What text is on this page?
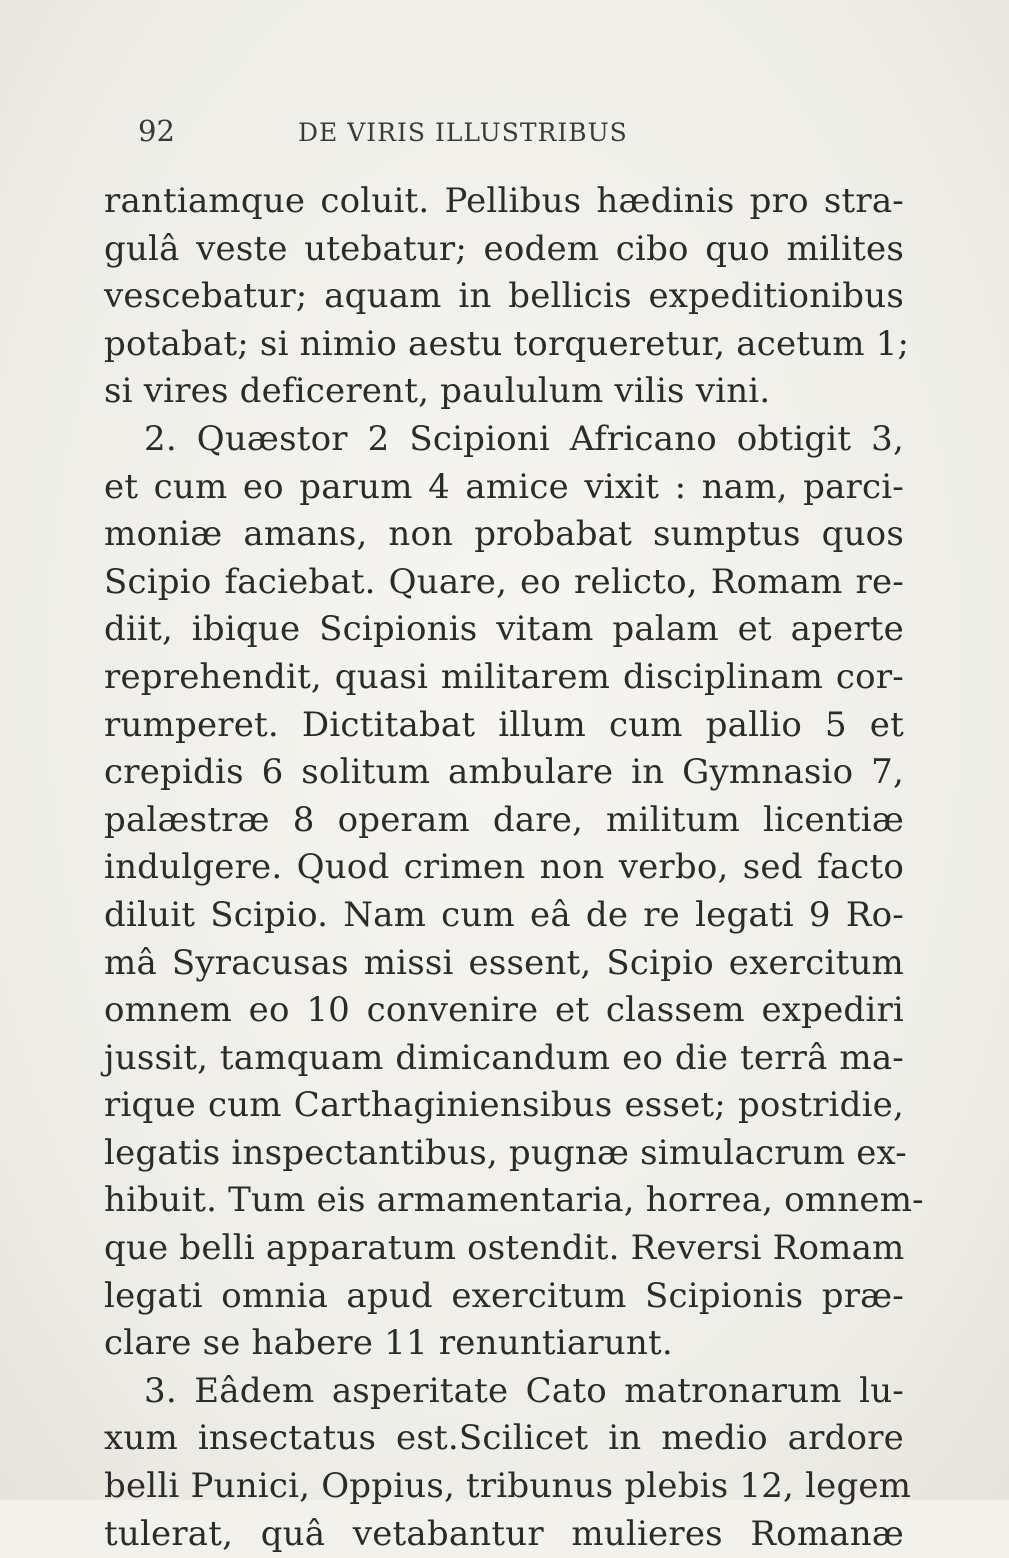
92	DE VIRIS ILLUSTRIBUS
rantiamque coluit. Pellibus hædinis pro stra-
gulâ veste utebatur; eodem cibo quo milites
vescebatur; aquam in bellicis expeditionibus
potabat; si nimio aestu torqueretur, acetum 1;
si vires deficerent, paululum vilis vini.
2. Quæstor 2 Scipioni Africano obtigit 3,
et cum eo parum 4 amice vixit : nam, parci-
moniæ amans, non probabat sumptus quos
Scipio faciebat. Quare, eo relicto, Romam re-
diit, ibique Scipionis vitam palam et aperte
reprehendit, quasi militarem disciplinam cor-
rumperet. Dictitabat illum cum pallio 5 et
crepidis 6 solitum ambulare in Gymnasio 7,
palæstræ 8 operam dare, militum licentiæ
indulgere. Quod crimen non verbo, sed facto
diluit Scipio. Nam cum eâ de re legati 9 Ro-
mâ Syracusas missi essent, Scipio exercitum
omnem eo 10 convenire et classem expediri
jussit, tamquam dimicandum eo die terrâ ma-
rique cum Carthaginiensibus esset; postridie,
legatis inspectantibus, pugnæ simulacrum ex-
hibuit. Tum eis armamentaria, horrea, omnem-
que belli apparatum ostendit. Reversi Romam
legati omnia apud exercitum Scipionis præ-
clare se habere 11 renuntiarunt.
3. Eâdem asperitate Cato matronarum lu-
xum insectatus est.Scilicet in medio ardore
belli Punici, Oppius, tribunus plebis 12, legem
tulerat, quâ vetabantur mulieres Romanæ
